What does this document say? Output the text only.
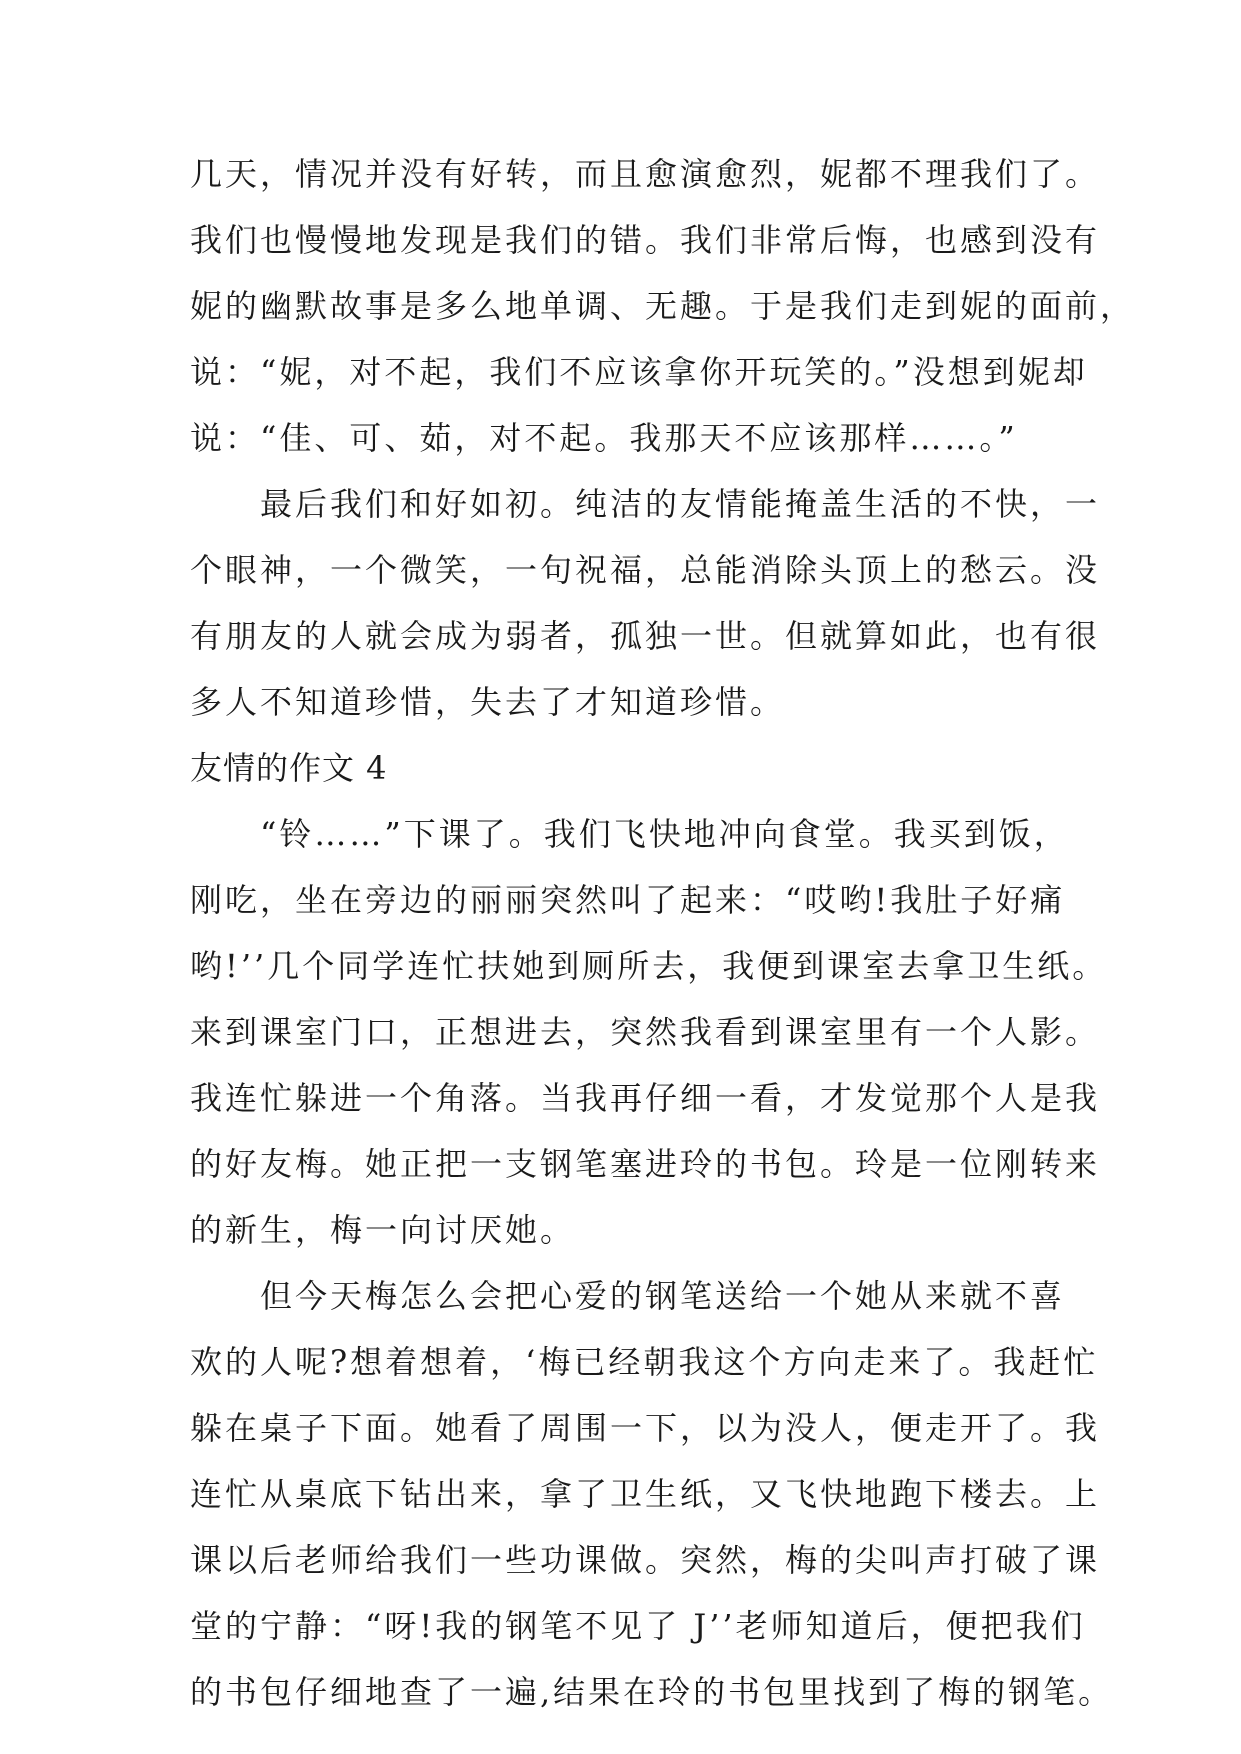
几天，情况并没有好转，而且愈演愈烈，妮都不理我们了。
我们也慢慢地发现是我们的错。我们非常后悔，也感到没有
妮的幽默故事是多么地单调、无趣。于是我们走到妮的面前，
说：“妮，对不起，我们不应该拿你开玩笑的。”没想到妮却
说：“佳、可、茹，对不起。我那天不应该那样……。”
　　最后我们和好如初。纯洁的友情能掩盖生活的不快，一
个眼神，一个微笑，一句祝福，总能消除头顶上的愁云。没
有朋友的人就会成为弱者，孤独一世。但就算如此，也有很
多人不知道珍惜，失去了才知道珍惜。
友情的作文 4
　　“铃……”下课了。我们飞快地冲向食堂。我买到饭，
刚吃，坐在旁边的丽丽突然叫了起来：“哎哟!我肚子好痛
哟!’’几个同学连忙扶她到厕所去，我便到课室去拿卫生纸。
来到课室门口，正想进去，突然我看到课室里有一个人影。
我连忙躲进一个角落。当我再仔细一看，才发觉那个人是我
的好友梅。她正把一支钢笔塞进玲的书包。玲是一位刚转来
的新生，梅一向讨厌她。
　　但今天梅怎么会把心爱的钢笔送给一个她从来就不喜
欢的人呢?想着想着，‘梅已经朝我这个方向走来了。我赶忙
躲在桌子下面。她看了周围一下，以为没人，便走开了。我
连忙从桌底下钻出来，拿了卫生纸，又飞快地跑下楼去。上
课以后老师给我们一些功课做。突然，梅的尖叫声打破了课
堂的宁静：“呀!我的钢笔不见了 J’’老师知道后，便把我们
的书包仔细地查了一遍,结果在玲的书包里找到了梅的钢笔。
